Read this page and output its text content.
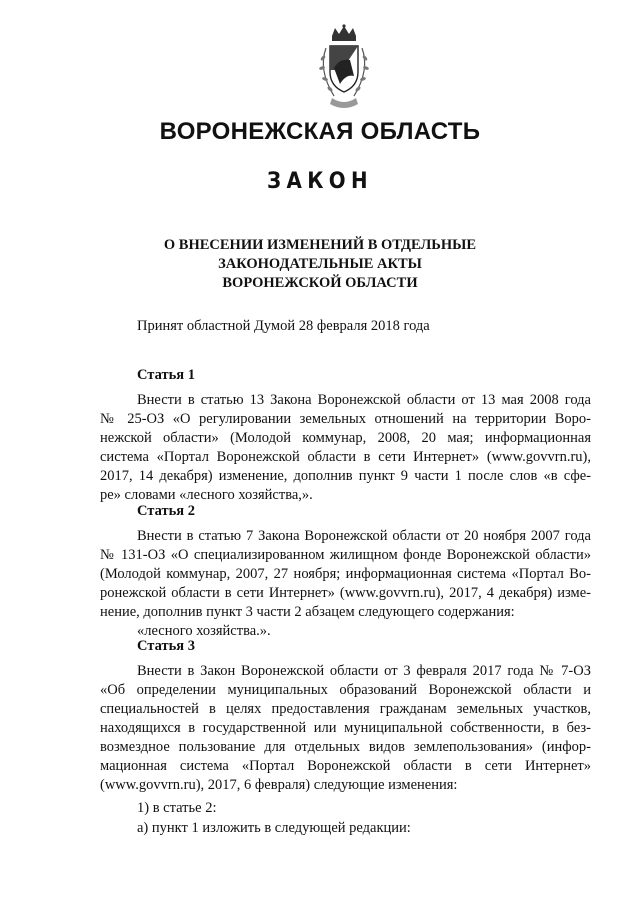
ВОРОНЕЖСКАЯ ОБЛАСТЬ
ЗАКОН
О ВНЕСЕНИИ ИЗМЕНЕНИЙ В ОТДЕЛЬНЫЕ
ЗАКОНОДАТЕЛЬНЫЕ АКТЫ
ВОРОНЕЖСКОЙ ОБЛАСТИ
Принят областной Думой 28 февраля 2018 года
Статья 1
Внести в статью 13 Закона Воронежской области от 13 мая 2008 года
№ 25-ОЗ «О регулировании земельных отношений на территории Воро-
нежской области» (Молодой коммунар, 2008, 20 мая; информационная
система «Портал Воронежской области в сети Интернет» (www.govvrn.ru),
2017, 14 декабря) изменение, дополнив пункт 9 части 1 после слов «в сфе-
ре» словами «лесного хозяйства,».
Статья 2
Внести в статью 7 Закона Воронежской области от 20 ноября 2007 года
№ 131-ОЗ «О специализированном жилищном фонде Воронежской области»
(Молодой коммунар, 2007, 27 ноября; информационная система «Портал Во-
ронежской области в сети Интернет» (www.govvrn.ru), 2017, 4 декабря) изме-
нение, дополнив пункт 3 части 2 абзацем следующего содержания:
«лесного хозяйства.».
Статья 3
Внести в Закон Воронежской области от 3 февраля 2017 года № 7-ОЗ
«Об определении муниципальных образований Воронежской области и
специальностей в целях предоставления гражданам земельных участков,
находящихся в государственной или муниципальной собственности, в без-
возмездное пользование для отдельных видов землепользования» (инфор-
мационная система «Портал Воронежской области в сети Интернет»
(www.govvrn.ru), 2017, 6 февраля) следующие изменения:
1) в статье 2:
а) пункт 1 изложить в следующей редакции:
